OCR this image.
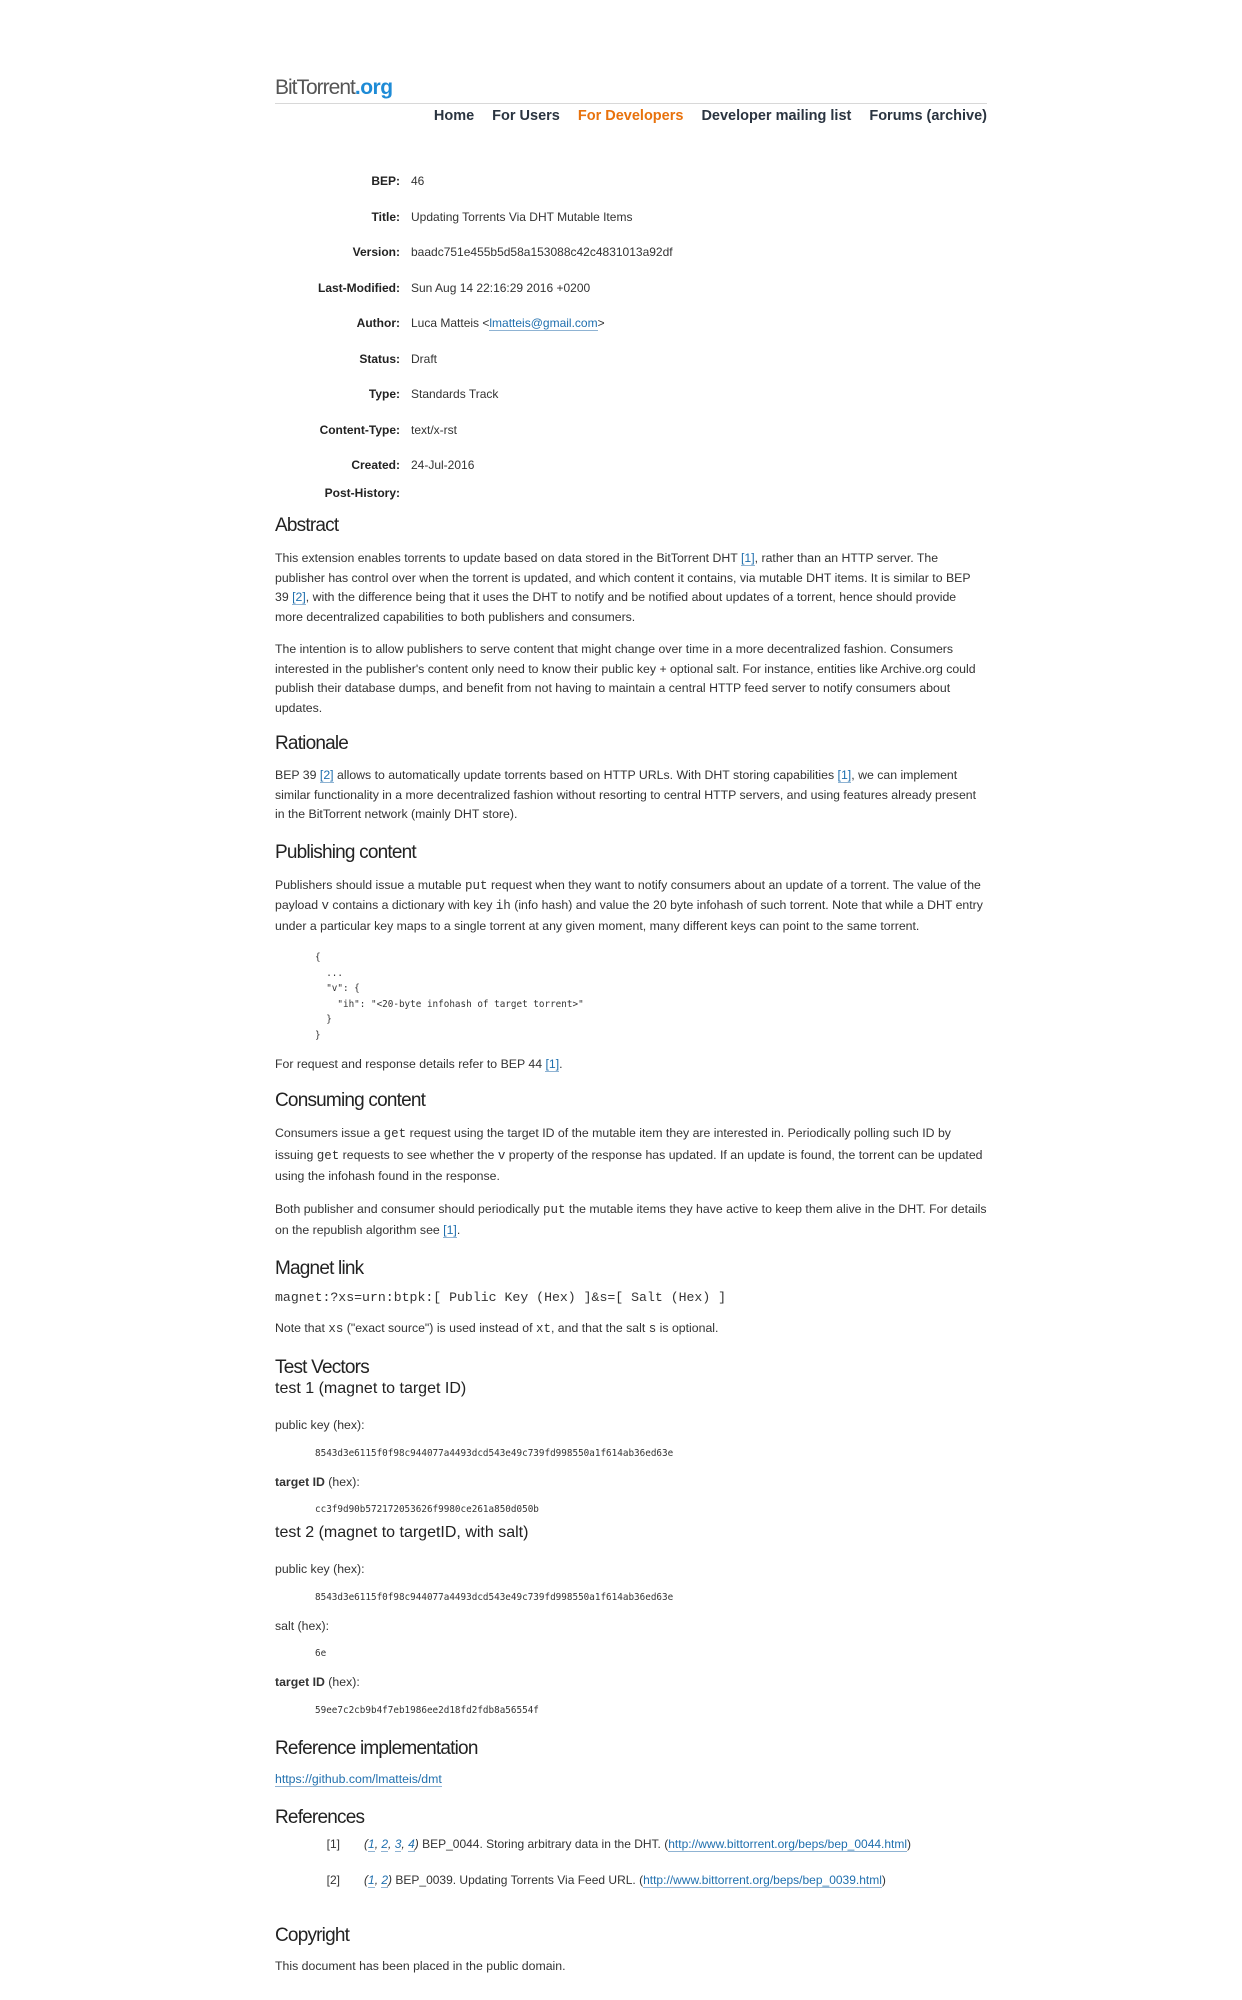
BitTorrent.org
Home For Users For Developers Developer mailing list Forums (archive)
BEP: 46
Title: Updating Torrents Via DHT Mutable Items
Version: baadc751e455b5d58a153088c42c4831013a92df
Last-Modified: Sun Aug 14 22:16:29 2016 +0200
Author: Luca Matteis <lmatteis@gmail.com>
Status: Draft
Type: Standards Track
Content-Type: text/x-rst
Created: 24-Jul-2016
Post-History:
Abstract

This extension enables torrents to update based on data stored in the BitTorrent DHT [1], rather than an HTTP server. The publisher has control over when the torrent is updated, and which content it contains, via mutable DHT items. It is similar to BEP 39 [2], with the difference being that it uses the DHT to notify and be notified about updates of a torrent, hence should provide more decentralized capabilities to both publishers and consumers.

The intention is to allow publishers to serve content that might change over time in a more decentralized fashion. Consumers interested in the publisher's content only need to know their public key + optional salt. For instance, entities like Archive.org could publish their database dumps, and benefit from not having to maintain a central HTTP feed server to notify consumers about updates.

Rationale

BEP 39 [2] allows to automatically update torrents based on HTTP URLs. With DHT storing capabilities [1], we can implement similar functionality in a more decentralized fashion without resorting to central HTTP servers, and using features already present in the BitTorrent network (mainly DHT store).

Publishing content

Publishers should issue a mutable put request when they want to notify consumers about an update of a torrent. The value of the payload v contains a dictionary with key ih (info hash) and value the 20 byte infohash of such torrent. Note that while a DHT entry under a particular key maps to a single torrent at any given moment, many different keys can point to the same torrent.

{
...
"v": {
"ih": "<20-byte infohash of target torrent>"
}
}

For request and response details refer to BEP 44 [1].

Consuming content

Consumers issue a get request using the target ID of the mutable item they are interested in. Periodically polling such ID by issuing get requests to see whether the v property of the response has updated. If an update is found, the torrent can be updated using the infohash found in the response.

Both publisher and consumer should periodically put the mutable items they have active to keep them alive in the DHT. For details on the republish algorithm see [1].

Magnet link
magnet:?xs=urn:btpk:[ Public Key (Hex) ]&s=[ Salt (Hex) ]

Note that xs ("exact source") is used instead of xt, and that the salt s is optional.

Test Vectors
test 1 (magnet to target ID)

public key (hex):

8543d3e6115f0f98c944077a4493dcd543e49c739fd998550a1f614ab36ed63e

target ID (hex):

cc3f9d90b572172053626f9980ce261a850d050b
test 2 (magnet to targetID, with salt)

public key (hex):

8543d3e6115f0f98c944077a4493dcd543e49c739fd998550a1f614ab36ed63e

salt (hex):

6e

target ID (hex):

59ee7c2cb9b4f7eb1986ee2d18fd2fdb8a56554f
Reference implementation

https://github.com/lmatteis/dmt

References
[1] (1, 2, 3, 4) BEP_0044. Storing arbitrary data in the DHT. (http://www.bittorrent.org/beps/bep_0044.html)
[2] (1, 2) BEP_0039. Updating Torrents Via Feed URL. (http://www.bittorrent.org/beps/bep_0039.html)
Copyright

This document has been placed in the public domain.
